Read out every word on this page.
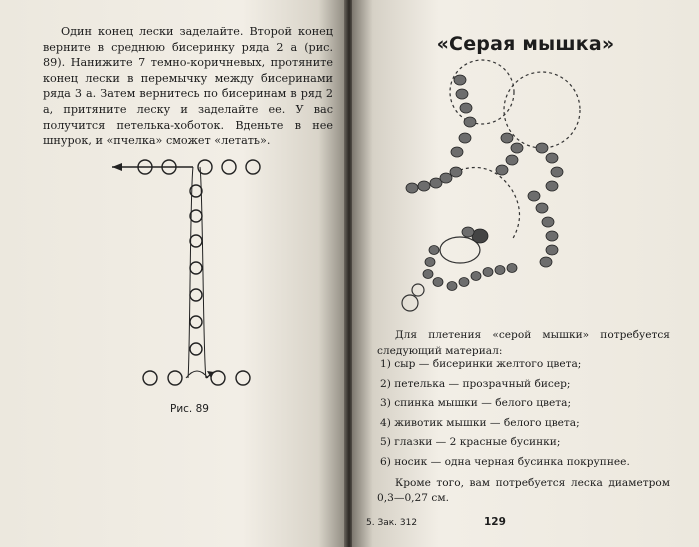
Один конец лески заделайте. Второй конец верните в среднюю бисеринку ряда 2 а (рис. 89). Нанижите 7 темно-коричневых, протяните конец лески в перемычку между бисеринами ряда 3 а. Затем вернитесь по бисеринам в ряд 2 а, притяните леску и заделайте ее. У вас получится петелька-хоботок. Вденьте в нее шнурок, и «пчелка» сможет «летать».

Рис. 89
«Серая мышка»

Для плетения «серой мышки» потребуется следующий материал:

1) сыр — бисеринки желтого цвета;
2) петелька — прозрачный бисер;
3) спинка мышки — белого цвета;
4) животик мышки — белого цвета;
5) глазки — 2 красные бусинки;
6) носик — одна черная бусинка покрупнее.

Кроме того, вам потребуется леска диаметром 0,3—0,27 см.

5. Зак. 312	129
